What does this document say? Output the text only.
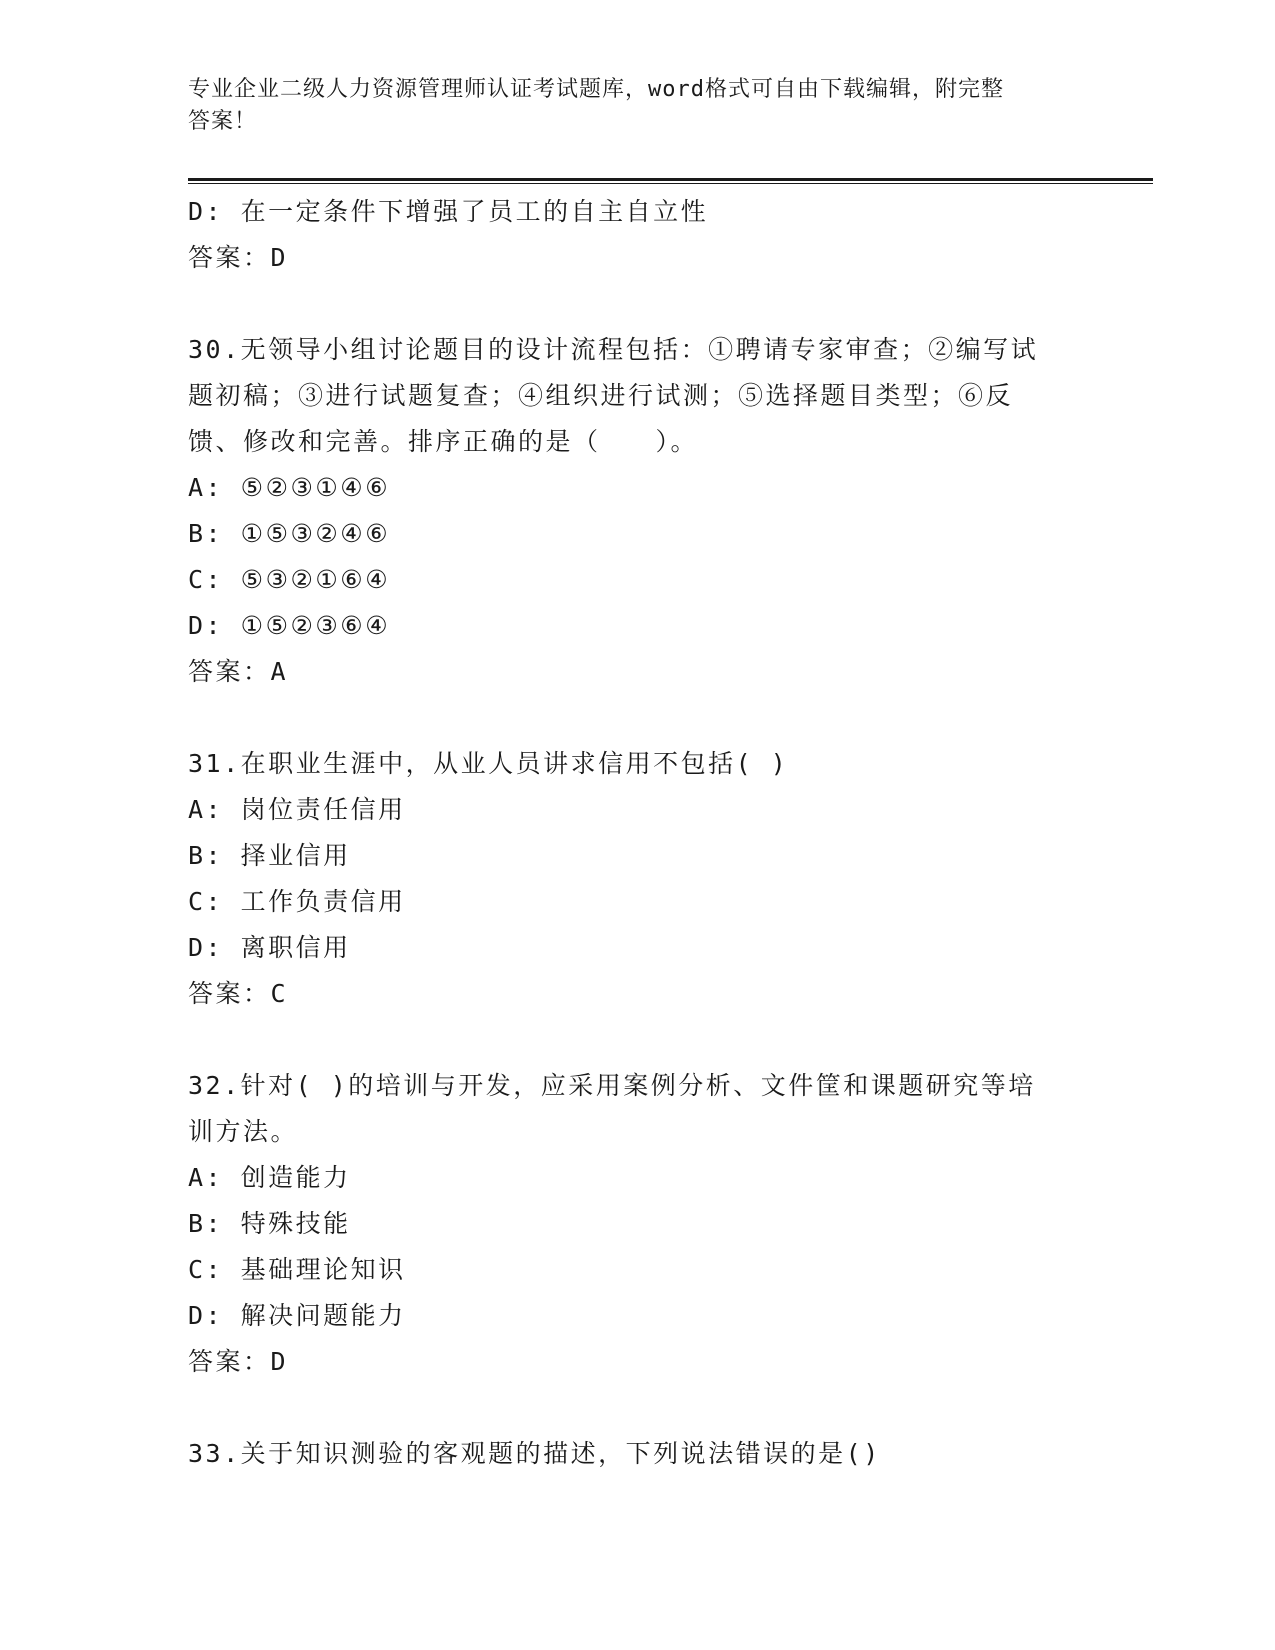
专业企业二级人力资源管理师认证考试题库，word格式可自由下载编辑，附完整
答案！

D: 在一定条件下增强了员工的自主自立性

答案：D

30.无领导小组讨论题目的设计流程包括：①聘请专家审查；②编写试

题初稿；③进行试题复查；④组织进行试测；⑤选择题目类型；⑥反

馈、修改和完善。排序正确的是（　　）。

A: ⑤②③①④⑥

B: ①⑤③②④⑥

C: ⑤③②①⑥④

D: ①⑤②③⑥④

答案：A

31.在职业生涯中，从业人员讲求信用不包括( )

A: 岗位责任信用

B: 择业信用

C: 工作负责信用

D: 离职信用

答案：C

32.针对( )的培训与开发，应采用案例分析、文件筐和课题研究等培

训方法。

A: 创造能力

B: 特殊技能

C: 基础理论知识

D: 解决问题能力

答案：D

33.关于知识测验的客观题的描述，下列说法错误的是()
